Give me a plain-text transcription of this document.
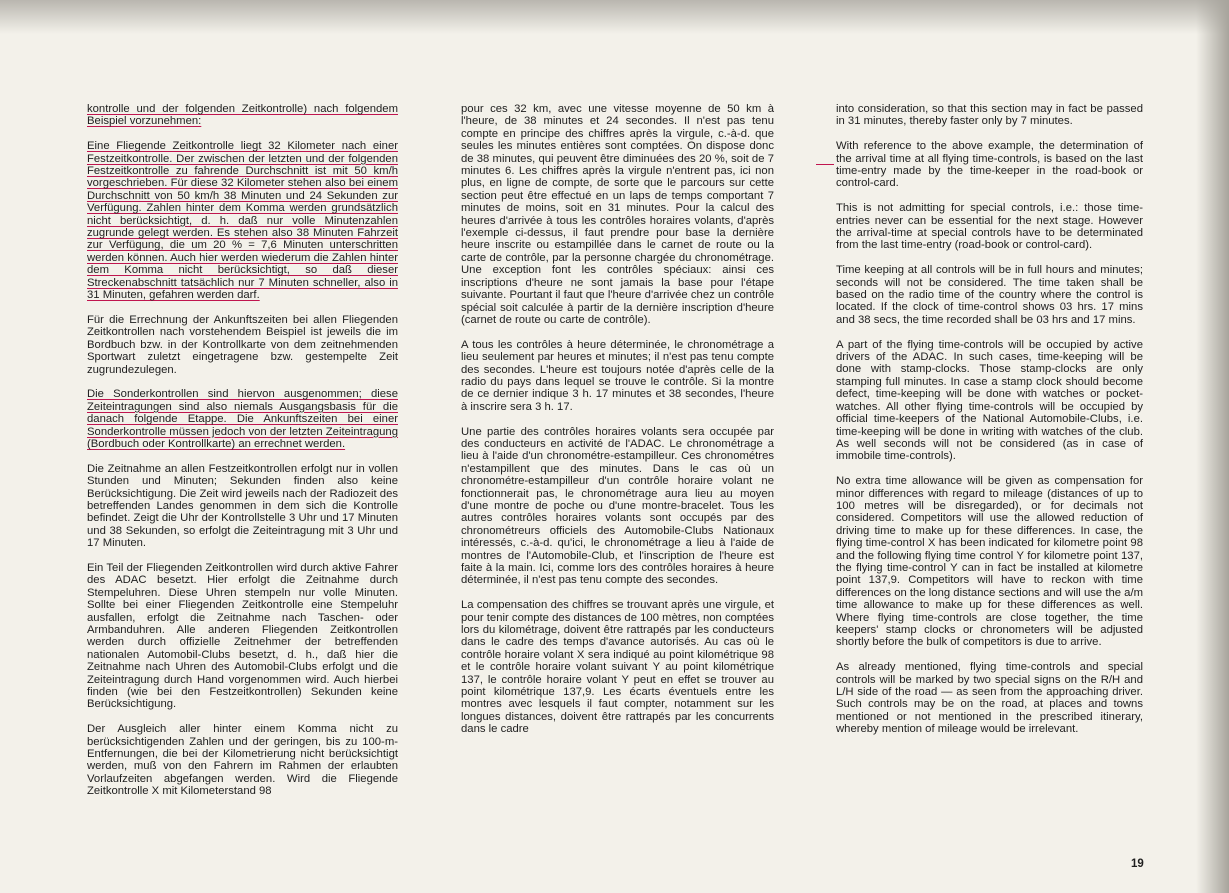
kontrolle und der folgenden Zeitkontrolle) nach folgendem Beispiel vorzunehmen:

Eine Fliegende Zeitkontrolle liegt 32 Kilometer nach einer Festzeitkontrolle. Der zwischen der letzten und der folgenden Festzeitkontrolle zu fahrende Durchschnitt ist mit 50 km/h vorgeschrieben. Für diese 32 Kilometer stehen also bei einem Durchschnitt von 50 km/h 38 Minuten und 24 Sekunden zur Verfügung. Zahlen hinter dem Komma werden grundsätzlich nicht berücksichtigt, d. h. daß nur volle Minutenzahlen zugrunde gelegt werden. Es stehen also 38 Minuten Fahrzeit zur Verfügung, die um 20 % = 7,6 Minuten unterschritten werden können. Auch hier werden wiederum die Zahlen hinter dem Komma nicht berücksichtigt, so daß dieser Streckenabschnitt tatsächlich nur 7 Minuten schneller, also in 31 Minuten, gefahren werden darf.

Für die Errechnung der Ankunftszeiten bei allen Fliegenden Zeitkontrollen nach vorstehendem Beispiel ist jeweils die im Bordbuch bzw. in der Kontrollkarte von dem zeitnehmenden Sportwart zuletzt eingetragene bzw. gestempelte Zeit zugrundezulegen.

Die Sonderkontrollen sind hiervon ausgenommen; diese Zeiteintragungen sind also niemals Ausgangsbasis für die danach folgende Etappe. Die Ankunftszeiten bei einer Sonderkontrolle müssen jedoch von der letzten Zeiteintragung (Bordbuch oder Kontrollkarte) an errechnet werden.

Die Zeitnahme an allen Festzeitkontrollen erfolgt nur in vollen Stunden und Minuten; Sekunden finden also keine Berücksichtigung. Die Zeit wird jeweils nach der Radiozeit des betreffenden Landes genommen in dem sich die Kontrolle befindet. Zeigt die Uhr der Kontrollstelle 3 Uhr und 17 Minuten und 38 Sekunden, so erfolgt die Zeiteintragung mit 3 Uhr und 17 Minuten.

Ein Teil der Fliegenden Zeitkontrollen wird durch aktive Fahrer des ADAC besetzt. Hier erfolgt die Zeitnahme durch Stempeluhren. Diese Uhren stempeln nur volle Minuten. Sollte bei einer Fliegenden Zeitkontrolle eine Stempeluhr ausfallen, erfolgt die Zeitnahme nach Taschen- oder Armbanduhren. Alle anderen Fliegenden Zeitkontrollen werden durch offizielle Zeitnehmer der betreffenden nationalen Automobil-Clubs besetzt, d. h., daß hier die Zeitnahme nach Uhren des Automobil-Clubs erfolgt und die Zeiteintragung durch Hand vorgenommen wird. Auch hierbei finden (wie bei den Festzeitkontrollen) Sekunden keine Berücksichtigung.

Der Ausgleich aller hinter einem Komma nicht zu berücksichtigenden Zahlen und der geringen, bis zu 100-m-Entfernungen, die bei der Kilometrierung nicht berücksichtigt werden, muß von den Fahrern im Rahmen der erlaubten Vorlaufzeiten abgefangen werden. Wird die Fliegende Zeitkontrolle X mit Kilometerstand 98

pour ces 32 km, avec une vitesse moyenne de 50 km à l'heure, de 38 minutes et 24 secondes. Il n'est pas tenu compte en principe des chiffres après la virgule, c.-à-d. que seules les minutes entières sont comptées. On dispose donc de 38 minutes, qui peuvent être diminuées des 20 %, soit de 7 minutes 6. Les chiffres après la virgule n'entrent pas, ici non plus, en ligne de compte, de sorte que le parcours sur cette section peut être effectué en un laps de temps comportant 7 minutes de moins, soit en 31 minutes. Pour la calcul des heures d'arrivée à tous les contrôles horaires volants, d'après l'exemple ci-dessus, il faut prendre pour base la dernière heure inscrite ou estampillée dans le carnet de route ou la carte de contrôle, par la personne chargée du chronométrage. Une exception font les contrôles spéciaux: ainsi ces inscriptions d'heure ne sont jamais la base pour l'étape suivante. Pourtant il faut que l'heure d'arrivée chez un contrôle spécial soit calculée à partir de la dernière inscription d'heure (carnet de route ou carte de contrôle).

A tous les contrôles à heure déterminée, le chronométrage a lieu seulement par heures et minutes; il n'est pas tenu compte des secondes. L'heure est toujours notée d'après celle de la radio du pays dans lequel se trouve le contrôle. Si la montre de ce dernier indique 3 h. 17 minutes et 38 secondes, l'heure à inscrire sera 3 h. 17.

Une partie des contrôles horaires volants sera occupée par des conducteurs en activité de l'ADAC. Le chronométrage a lieu à l'aide d'un chronométre-estampilleur. Ces chronométres n'estampillent que des minutes. Dans le cas où un chronométre-estampilleur d'un contrôle horaire volant ne fonctionnerait pas, le chronométrage aura lieu au moyen d'une montre de poche ou d'une montre-bracelet. Tous les autres contrôles horaires volants sont occupés par des chronométreurs officiels des Automobile-Clubs Nationaux intéressés, c.-à-d. qu'ici, le chronométrage a lieu à l'aide de montres de l'Automobile-Club, et l'inscription de l'heure est faite à la main. Ici, comme lors des contrôles horaires à heure déterminée, il n'est pas tenu compte des secondes.

La compensation des chiffres se trouvant après une virgule, et pour tenir compte des distances de 100 mètres, non comptées lors du kilométrage, doivent être rattrapés par les conducteurs dans le cadre des temps d'avance autorisés. Au cas où le contrôle horaire volant X sera indiqué au point kilométrique 98 et le contrôle horaire volant suivant Y au point kilométrique 137, le contrôle horaire volant Y peut en effet se trouver au point kilométrique 137,9. Les écarts éventuels entre les montres avec lesquels il faut compter, notamment sur les longues distances, doivent être rattrapés par les concurrents dans le cadre

into consideration, so that this section may in fact be passed in 31 minutes, thereby faster only by 7 minutes.

With reference to the above example, the determination of the arrival time at all flying time-controls, is based on the last time-entry made by the time-keeper in the road-book or control-card.

This is not admitting for special controls, i.e.: those time-entries never can be essential for the next stage. However the arrival-time at special controls have to be determinated from the last time-entry (road-book or control-card).

Time keeping at all controls will be in full hours and minutes; seconds will not be considered. The time taken shall be based on the radio time of the country where the control is located. If the clock of time-control shows 03 hrs. 17 mins and 38 secs, the time recorded shall be 03 hrs and 17 mins.

A part of the flying time-controls will be occupied by active drivers of the ADAC. In such cases, time-keeping will be done with stamp-clocks. Those stamp-clocks are only stamping full minutes. In case a stamp clock should become defect, time-keeping will be done with watches or pocket-watches. All other flying time-controls will be occupied by official time-keepers of the National Automobile-Clubs, i.e. time-keeping will be done in writing with watches of the club. As well seconds will not be considered (as in case of immobile time-controls).

No extra time allowance will be given as compensation for minor differences with regard to mileage (distances of up to 100 metres will be disregarded), or for decimals not considered. Competitors will use the allowed reduction of driving time to make up for these differences. In case, the flying time-control X has been indicated for kilometre point 98 and the following flying time control Y for kilometre point 137, the flying time-control Y can in fact be installed at kilometre point 137,9. Competitors will have to reckon with time differences on the long distance sections and will use the a/m time allowance to make up for these differences as well. Where flying time-controls are close together, the time keepers' stamp clocks or chronometers will be adjusted shortly before the bulk of competitors is due to arrive.

As already mentioned, flying time-controls and special controls will be marked by two special signs on the R/H and L/H side of the road — as seen from the approaching driver. Such controls may be on the road, at places and towns mentioned or not mentioned in the prescribed itinerary, whereby mention of mileage would be irrelevant.

19
